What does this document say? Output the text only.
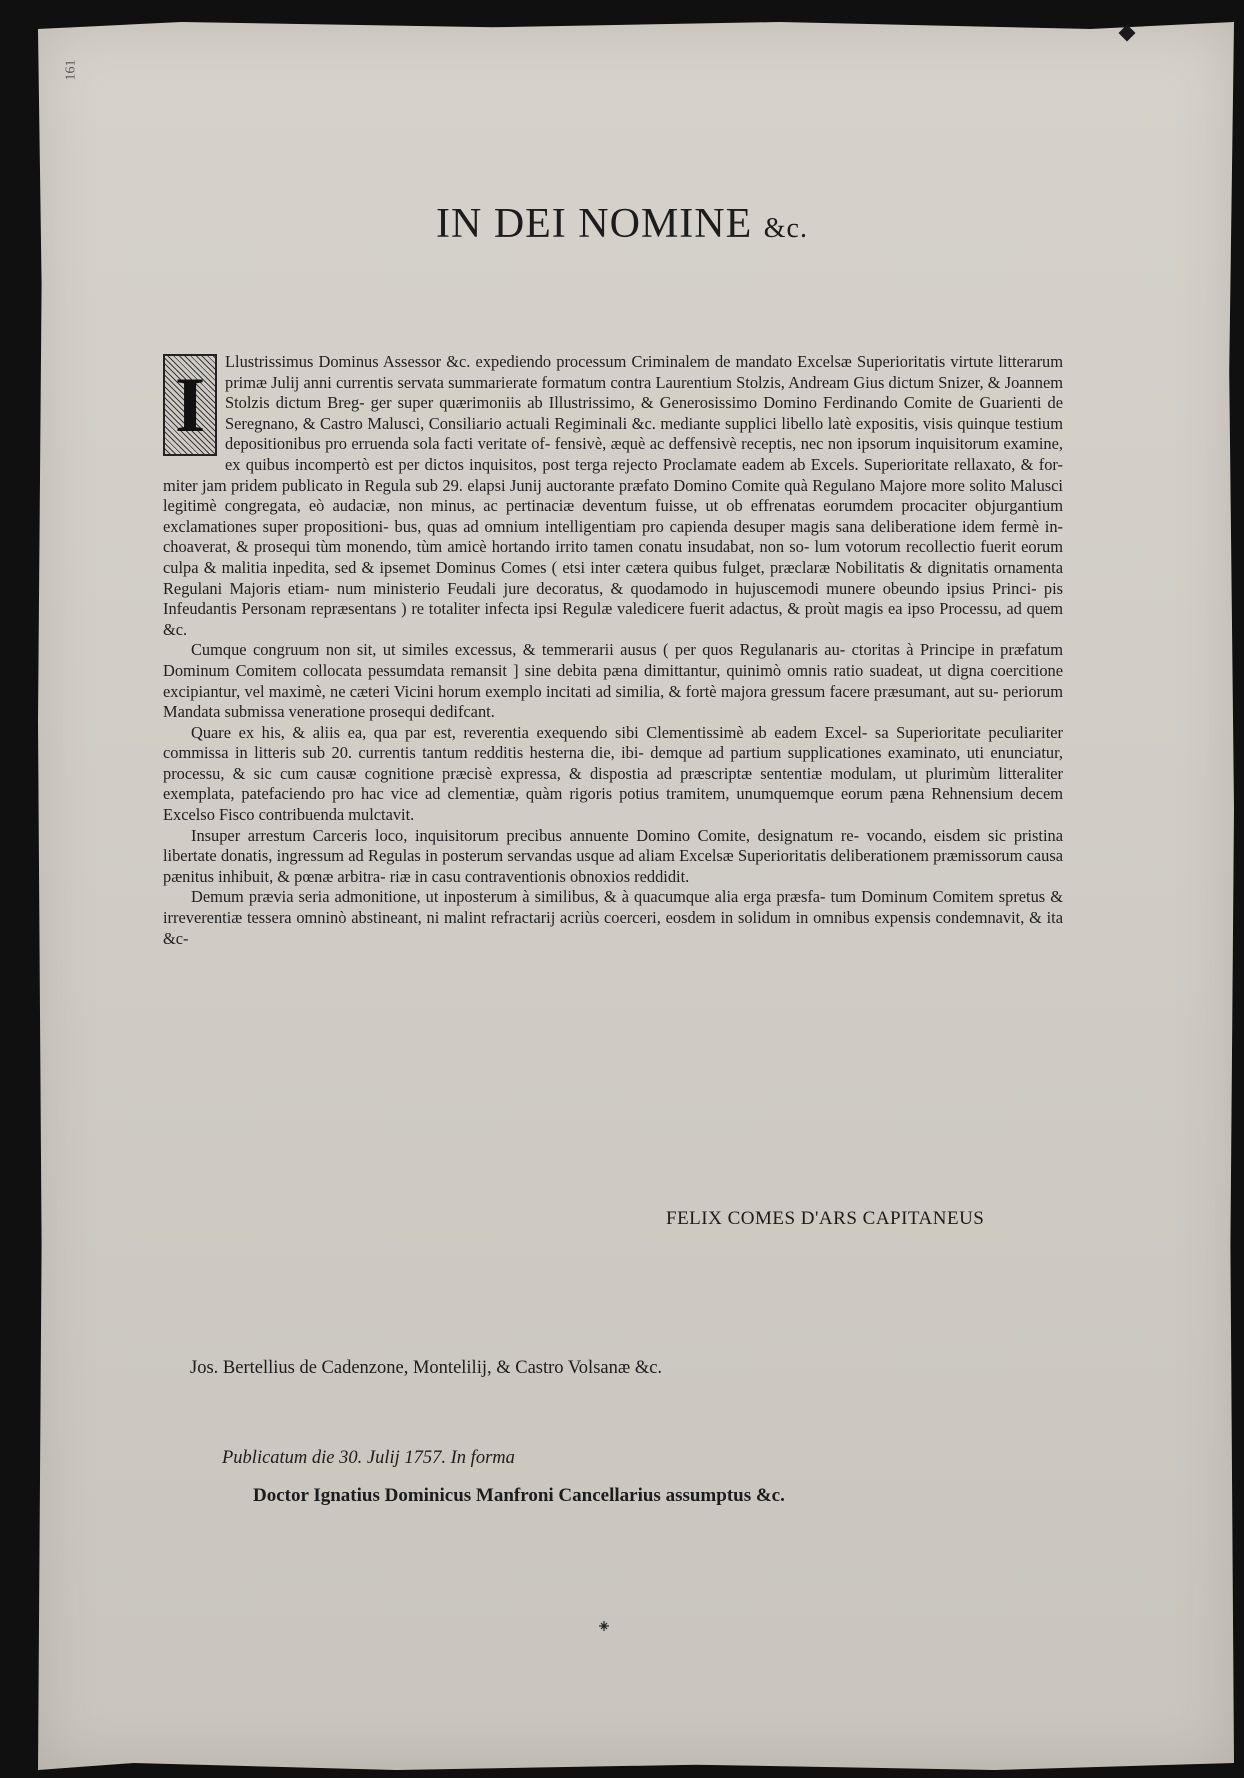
161
IN DEI NOMINE &c.

I	Llustrissimus Dominus Assessor &c. expediendo processum Criminalem de mandato Excelsæ Superioritatis virtute litterarum primæ Julij anni currentis servata summarierate formatum contra Laurentium Stolzis, Andream Gius dictum Snizer, & Joannem Stolzis dictum Breg- ger super quærimoniis ab Illustrissimo, & Generosissimo Domino Ferdinando Comite de Guarienti de Seregnano, & Castro Malusci, Consiliario actuali Regiminali &c. mediante supplici libello latè expositis, visis quinque testium depositionibus pro erruenda sola facti veritate of- fensivè, æquè ac deffensivè receptis, nec non ipsorum inquisitorum examine, ex quibus incompertò est per dictos inquisitos, post terga rejecto Proclamate eadem ab Excels. Superioritate rellaxato, & for- miter jam pridem publicato in Regula sub 29. elapsi Junij auctorante præfato Domino Comite quà Regulano Majore more solito Malusci legitimè congregata, eò audaciæ, non minus, ac pertinaciæ deventum fuisse, ut ob effrenatas eorumdem procaciter objurgantium exclamationes super propositioni- bus, quas ad omnium intelligentiam pro capienda desuper magis sana deliberatione idem fermè in- choaverat, & prosequi tùm monendo, tùm amicè hortando irrito tamen conatu insudabat, non so- lum votorum recollectio fuerit eorum culpa & malitia inpedita, sed & ipsemet Dominus Comes ( etsi inter cætera quibus fulget, præclaræ Nobilitatis & dignitatis ornamenta Regulani Majoris etiam- num ministerio Feudali jure decoratus, & quodamodo in hujuscemodi munere obeundo ipsius Princi- pis Infeudantis Personam repræsentans ) re totaliter infecta ipsi Regulæ valedicere fuerit adactus, & proùt magis ea ipso Processu, ad quem &c.

Cumque congruum non sit, ut similes excessus, & temmerarii ausus ( per quos Regulanaris au- ctoritas à Principe in præfatum Dominum Comitem collocata pessumdata remansit ] sine debita pæna dimittantur, quinimò omnis ratio suadeat, ut digna coercitione excipiantur, vel maximè, ne cæteri Vicini horum exemplo incitati ad similia, & fortè majora gressum facere præsumant, aut su- periorum Mandata submissa veneratione prosequi dedifcant.

Quare ex his, & aliis ea, qua par est, reverentia exequendo sibi Clementissimè ab eadem Excel- sa Superioritate peculiariter commissa in litteris sub 20. currentis tantum redditis hesterna die, ibi- demque ad partium supplicationes examinato, uti enunciatur, processu, & sic cum causæ cognitione præcisè expressa, & dispostia ad præscriptæ sententiæ modulam, ut plurimùm litteraliter exemplata, patefaciendo pro hac vice ad clementiæ, quàm rigoris potius tramitem, unumquemque eorum pæna Rehnensium decem Excelso Fisco contribuenda mulctavit.

Insuper arrestum Carceris loco, inquisitorum precibus annuente Domino Comite, designatum re- vocando, eisdem sic pristina libertate donatis, ingressum ad Regulas in posterum servandas usque ad aliam Excelsæ Superioritatis deliberationem præmissorum causa pænitus inhibuit, & pœnæ arbitra- riæ in casu contraventionis obnoxios reddidit.

Demum prævia seria admonitione, ut inposterum à similibus, & à quacumque alia erga præsfa- tum Dominum Comitem spretus & irreverentiæ tessera omninò abstineant, ni malint refractarij acriùs coerceri, eosdem in solidum in omnibus expensis condemnavit, & ita &c-

FELIX COMES D'ARS CAPITANEUS
Jos. Bertellius de Cadenzone, Montelilij, & Castro Volsanæ &c.
Publicatum die 30. Julij 1757. In forma
Doctor Ignatius Dominicus Manfroni Cancellarius assumptus &c.
